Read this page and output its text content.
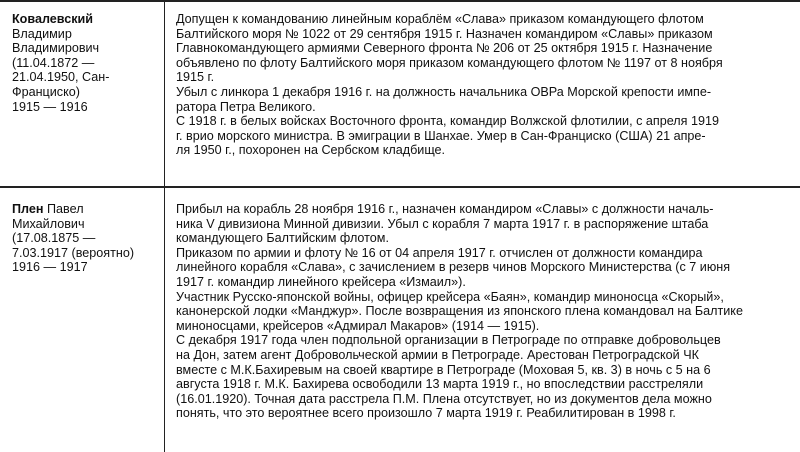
Ковалевский
Владимир
Владимирович
(11.04.1872 —
21.04.1950, Сан-
Франциско)
1915 — 1916

Допущен к командованию линейным кораблём «Слава» приказом командующего флотом
Балтийского моря № 1022 от 29 сентября 1915 г. Назначен командиром «Славы» приказом
Главнокомандующего армиями Северного фронта № 206 от 25 октября 1915 г. Назначение
объявлено по флоту Балтийского моря приказом командующего флотом № 1197 от 8 ноября
1915 г.

Убыл с линкора 1 декабря 1916 г. на должность начальника ОВРа Морской крепости импе-
ратора Петра Великого.

С 1918 г. в белых войсках Восточного фронта, командир Волжской флотилии, с апреля 1919
г. врио морского министра. В эмиграции в Шанхае. Умер в Сан-Франциско (США) 21 апре-
ля 1950 г., похоронен на Сербском кладбище.

Плен Павел
Михайлович
(17.08.1875 —
7.03.1917 (вероятно)
1916 — 1917

Прибыл на корабль 28 ноября 1916 г., назначен командиром «Славы» с должности началь-
ника V дивизиона Минной дивизии. Убыл с корабля 7 марта 1917 г. в распоряжение штаба
командующего Балтийским флотом.

Приказом по армии и флоту № 16 от 04 апреля 1917 г. отчислен от должности командира
линейного корабля «Слава», с зачислением в резерв чинов Морского Министерства (с 7 июня
1917 г. командир линейного крейсера «Измаил»).

Участник Русско-японской войны, офицер крейсера «Баян», командир миноносца «Скорый»,
канонерской лодки «Манджур». После возвращения из японского плена командовал на Балтике
миноносцами, крейсеров «Адмирал Макаров» (1914 — 1915).

С декабря 1917 года член подпольной организации в Петрограде по отправке добровольцев
на Дон, затем агент Добровольческой армии в Петрограде. Арестован Петроградской ЧК
вместе с М.К.Бахиревым на своей квартире в Петрограде (Моховая 5, кв. 3) в ночь с 5 на 6
августа 1918 г. М.К. Бахирева освободили 13 марта 1919 г., но впоследствии расстреляли
(16.01.1920). Точная дата расстрела П.М. Плена отсутствует, но из документов дела можно
понять, что это вероятнее всего произошло 7 марта 1919 г. Реабилитирован в 1998 г.
